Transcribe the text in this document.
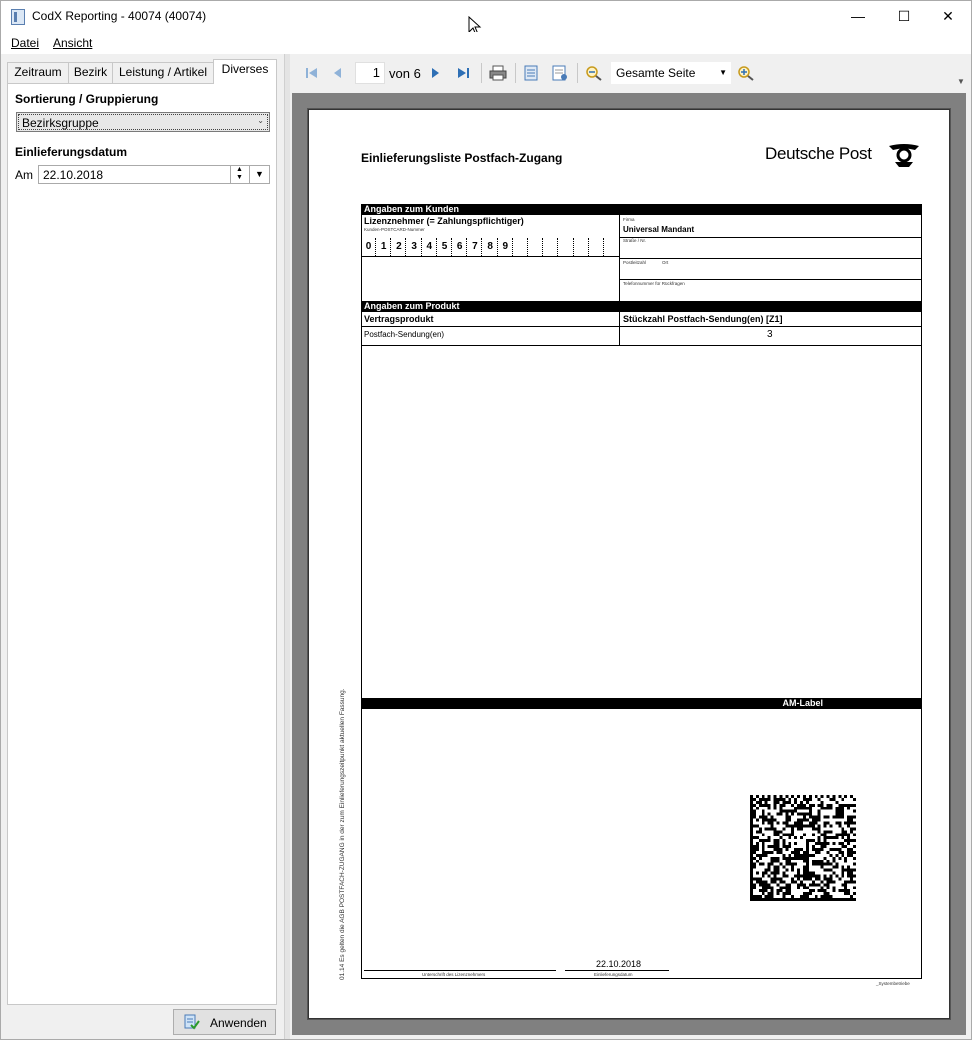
CodX Reporting - 40074 (40074)	—	☐	✕
Datei Ansicht
Zeitraum	Bezirk Leistung / Artikel	Diverses
Sortierung / Gruppierung
Bezirksgruppe	⌄
Einlieferungsdatum
Am 22.10.2018	▲
▼	▼
Anwenden
1 von 6	Gesamte Seite	▼
▼
Einlieferungsliste Postfach-Zugang	Deutsche Post
Angaben zum Kunden
Lizenznehmer (= Zahlungspflichtiger)
Kunden-POSTCARD-Nummer
0 1 2 3 4 5 6 7 8 9
Firma
Universal Mandant
Straße / Nr.
Postleitzahl	Ort
Telefonnummer für Rückfragen
Angaben zum Produkt
Vertragsprodukt	Stückzahl Postfach-Sendung(en) [Z1]
Postfach-Sendung(en)	3
AM-Label
Unterschrift des Lizenznehmers
22.10.2018
Einlieferungsdatum
_Systembetriebe
01.14 Es gelten die AGB POSTFACH-ZUGANG in der zum Einlieferungszeitpunkt aktuellen Fassung.
